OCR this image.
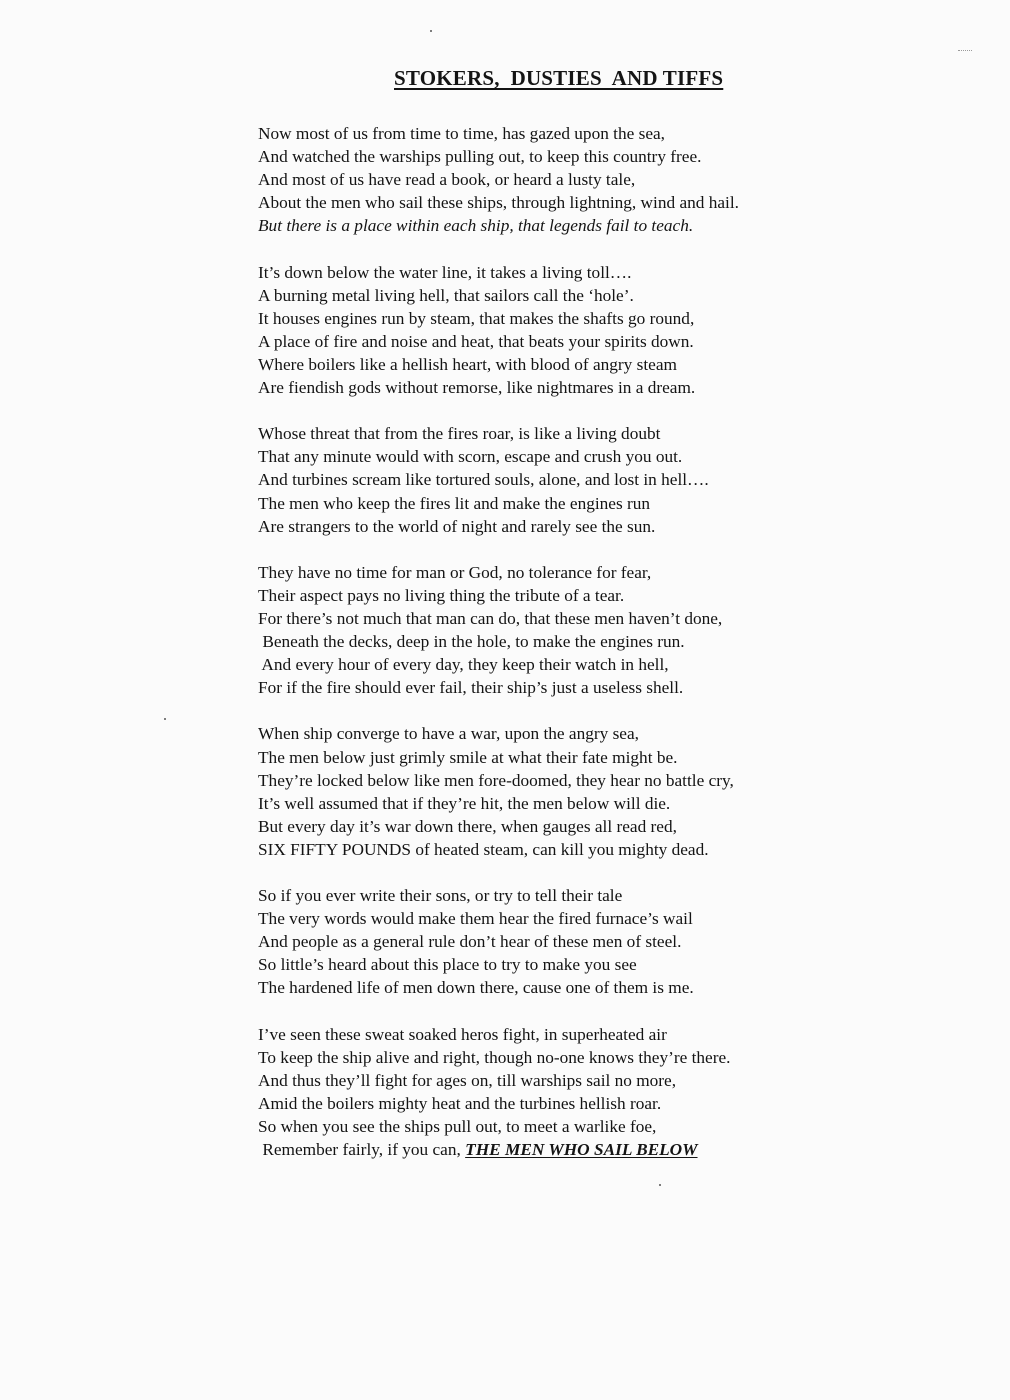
STOKERS,  DUSTIES  AND TIFFS
Now most of us from time to time, has gazed upon the sea,
And watched the warships pulling out, to keep this country free.
And most of us have read a book, or heard a lusty tale,
About the men who sail these ships, through lightning, wind and hail.
But there is a place within each ship, that legends fail to teach.
It’s down below the water line, it takes a living toll….
A burning metal living hell, that sailors call the ‘hole’.
It houses engines run by steam, that makes the shafts go round,
A place of fire and noise and heat, that beats your spirits down.
Where boilers like a hellish heart, with blood of angry steam
Are fiendish gods without remorse, like nightmares in a dream.
Whose threat that from the fires roar, is like a living doubt
That any minute would with scorn, escape and crush you out.
And turbines scream like tortured souls, alone, and lost in hell….
The men who keep the fires lit and make the engines run
Are strangers to the world of night and rarely see the sun.
They have no time for man or God, no tolerance for fear,
Their aspect pays no living thing the tribute of a tear.
For there’s not much that man can do, that these men haven’t done,
Beneath the decks, deep in the hole, to make the engines run.
And every hour of every day, they keep their watch in hell,
For if the fire should ever fail, their ship’s just a useless shell.
When ship converge to have a war, upon the angry sea,
The men below just grimly smile at what their fate might be.
They’re locked below like men fore-doomed, they hear no battle cry,
It’s well assumed that if they’re hit, the men below will die.
But every day it’s war down there, when gauges all read red,
SIX FIFTY POUNDS of heated steam, can kill you mighty dead.
So if you ever write their sons, or try to tell their tale
The very words would make them hear the fired furnace’s wail
And people as a general rule don’t hear of these men of steel.
So little’s heard about this place to try to make you see
The hardened life of men down there, cause one of them is me.
I’ve seen these sweat soaked heros fight, in superheated air
To keep the ship alive and right, though no-one knows they’re there.
And thus they’ll fight for ages on, till warships sail no more,
Amid the boilers mighty heat and the turbines hellish roar.
So when you see the ships pull out, to meet a warlike foe,
Remember fairly, if you can, THE MEN WHO SAIL BELOW
